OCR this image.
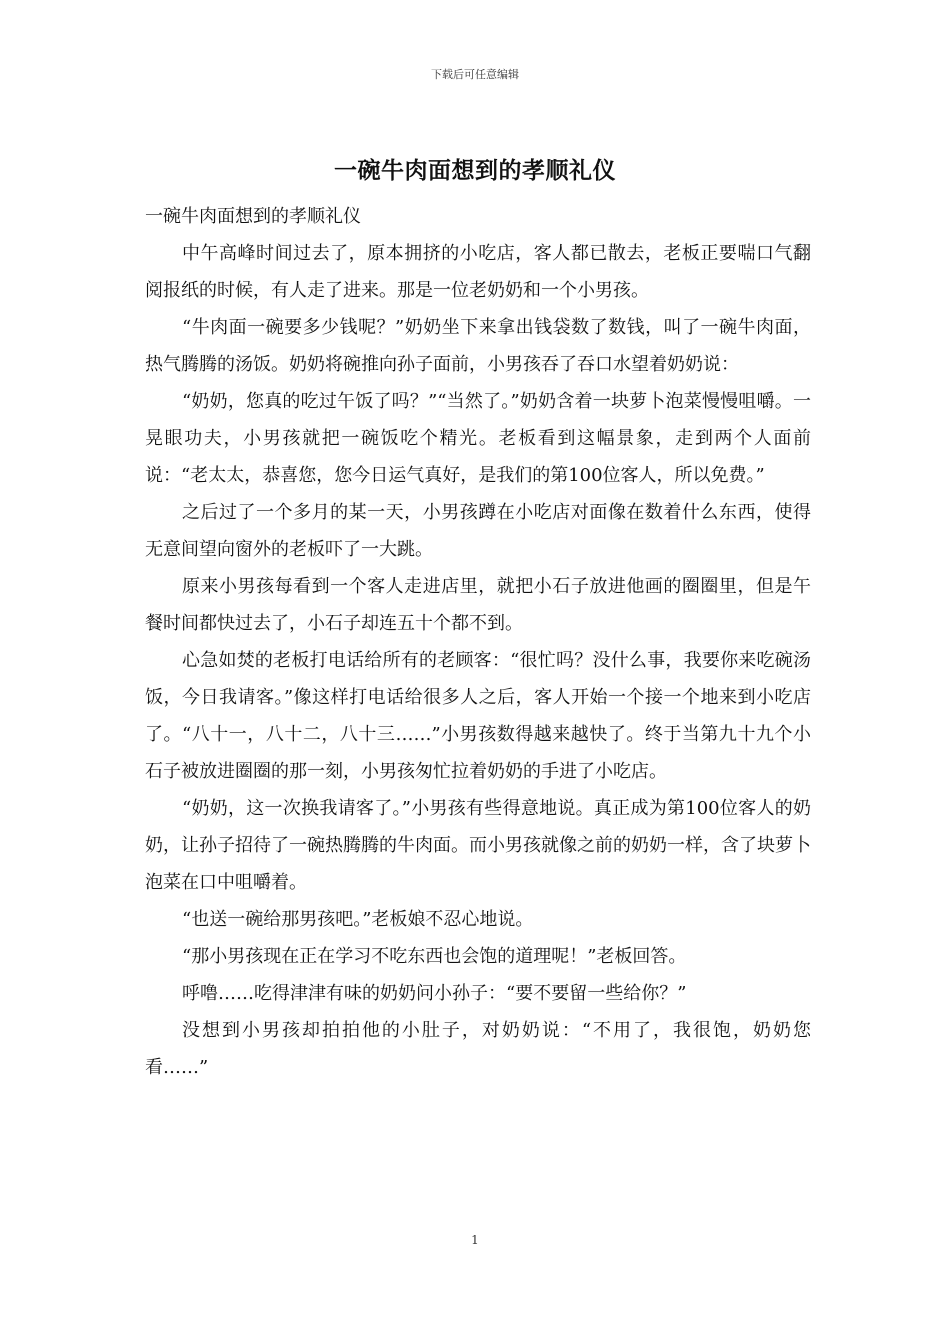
下载后可任意编辑
一碗牛肉面想到的孝顺礼仪

一碗牛肉面想到的孝顺礼仪

中午高峰时间过去了，原本拥挤的小吃店，客人都已散去，老板正要喘口气翻阅报纸的时候，有人走了进来。那是一位老奶奶和一个小男孩。

“牛肉面一碗要多少钱呢？”奶奶坐下来拿出钱袋数了数钱，叫了一碗牛肉面，热气腾腾的汤饭。奶奶将碗推向孙子面前，小男孩吞了吞口水望着奶奶说：

“奶奶，您真的吃过午饭了吗？”“当然了。”奶奶含着一块萝卜泡菜慢慢咀嚼。一晃眼功夫，小男孩就把一碗饭吃个精光。老板看到这幅景象，走到两个人面前说：“老太太，恭喜您，您今日运气真好，是我们的第100位客人，所以免费。”

之后过了一个多月的某一天，小男孩蹲在小吃店对面像在数着什么东西，使得无意间望向窗外的老板吓了一大跳。

原来小男孩每看到一个客人走进店里，就把小石子放进他画的圈圈里，但是午餐时间都快过去了，小石子却连五十个都不到。

心急如焚的老板打电话给所有的老顾客：“很忙吗？没什么事，我要你来吃碗汤饭，今日我请客。”像这样打电话给很多人之后，客人开始一个接一个地来到小吃店了。“八十一，八十二，八十三……”小男孩数得越来越快了。终于当第九十九个小石子被放进圈圈的那一刻，小男孩匆忙拉着奶奶的手进了小吃店。

“奶奶，这一次换我请客了。”小男孩有些得意地说。真正成为第100位客人的奶奶，让孙子招待了一碗热腾腾的牛肉面。而小男孩就像之前的奶奶一样，含了块萝卜泡菜在口中咀嚼着。

“也送一碗给那男孩吧。”老板娘不忍心地说。

“那小男孩现在正在学习不吃东西也会饱的道理呢！”老板回答。

呼噜……吃得津津有味的奶奶问小孙子：“要不要留一些给你？”

没想到小男孩却拍拍他的小肚子，对奶奶说：“不用了，我很饱，奶奶您看……”

1
